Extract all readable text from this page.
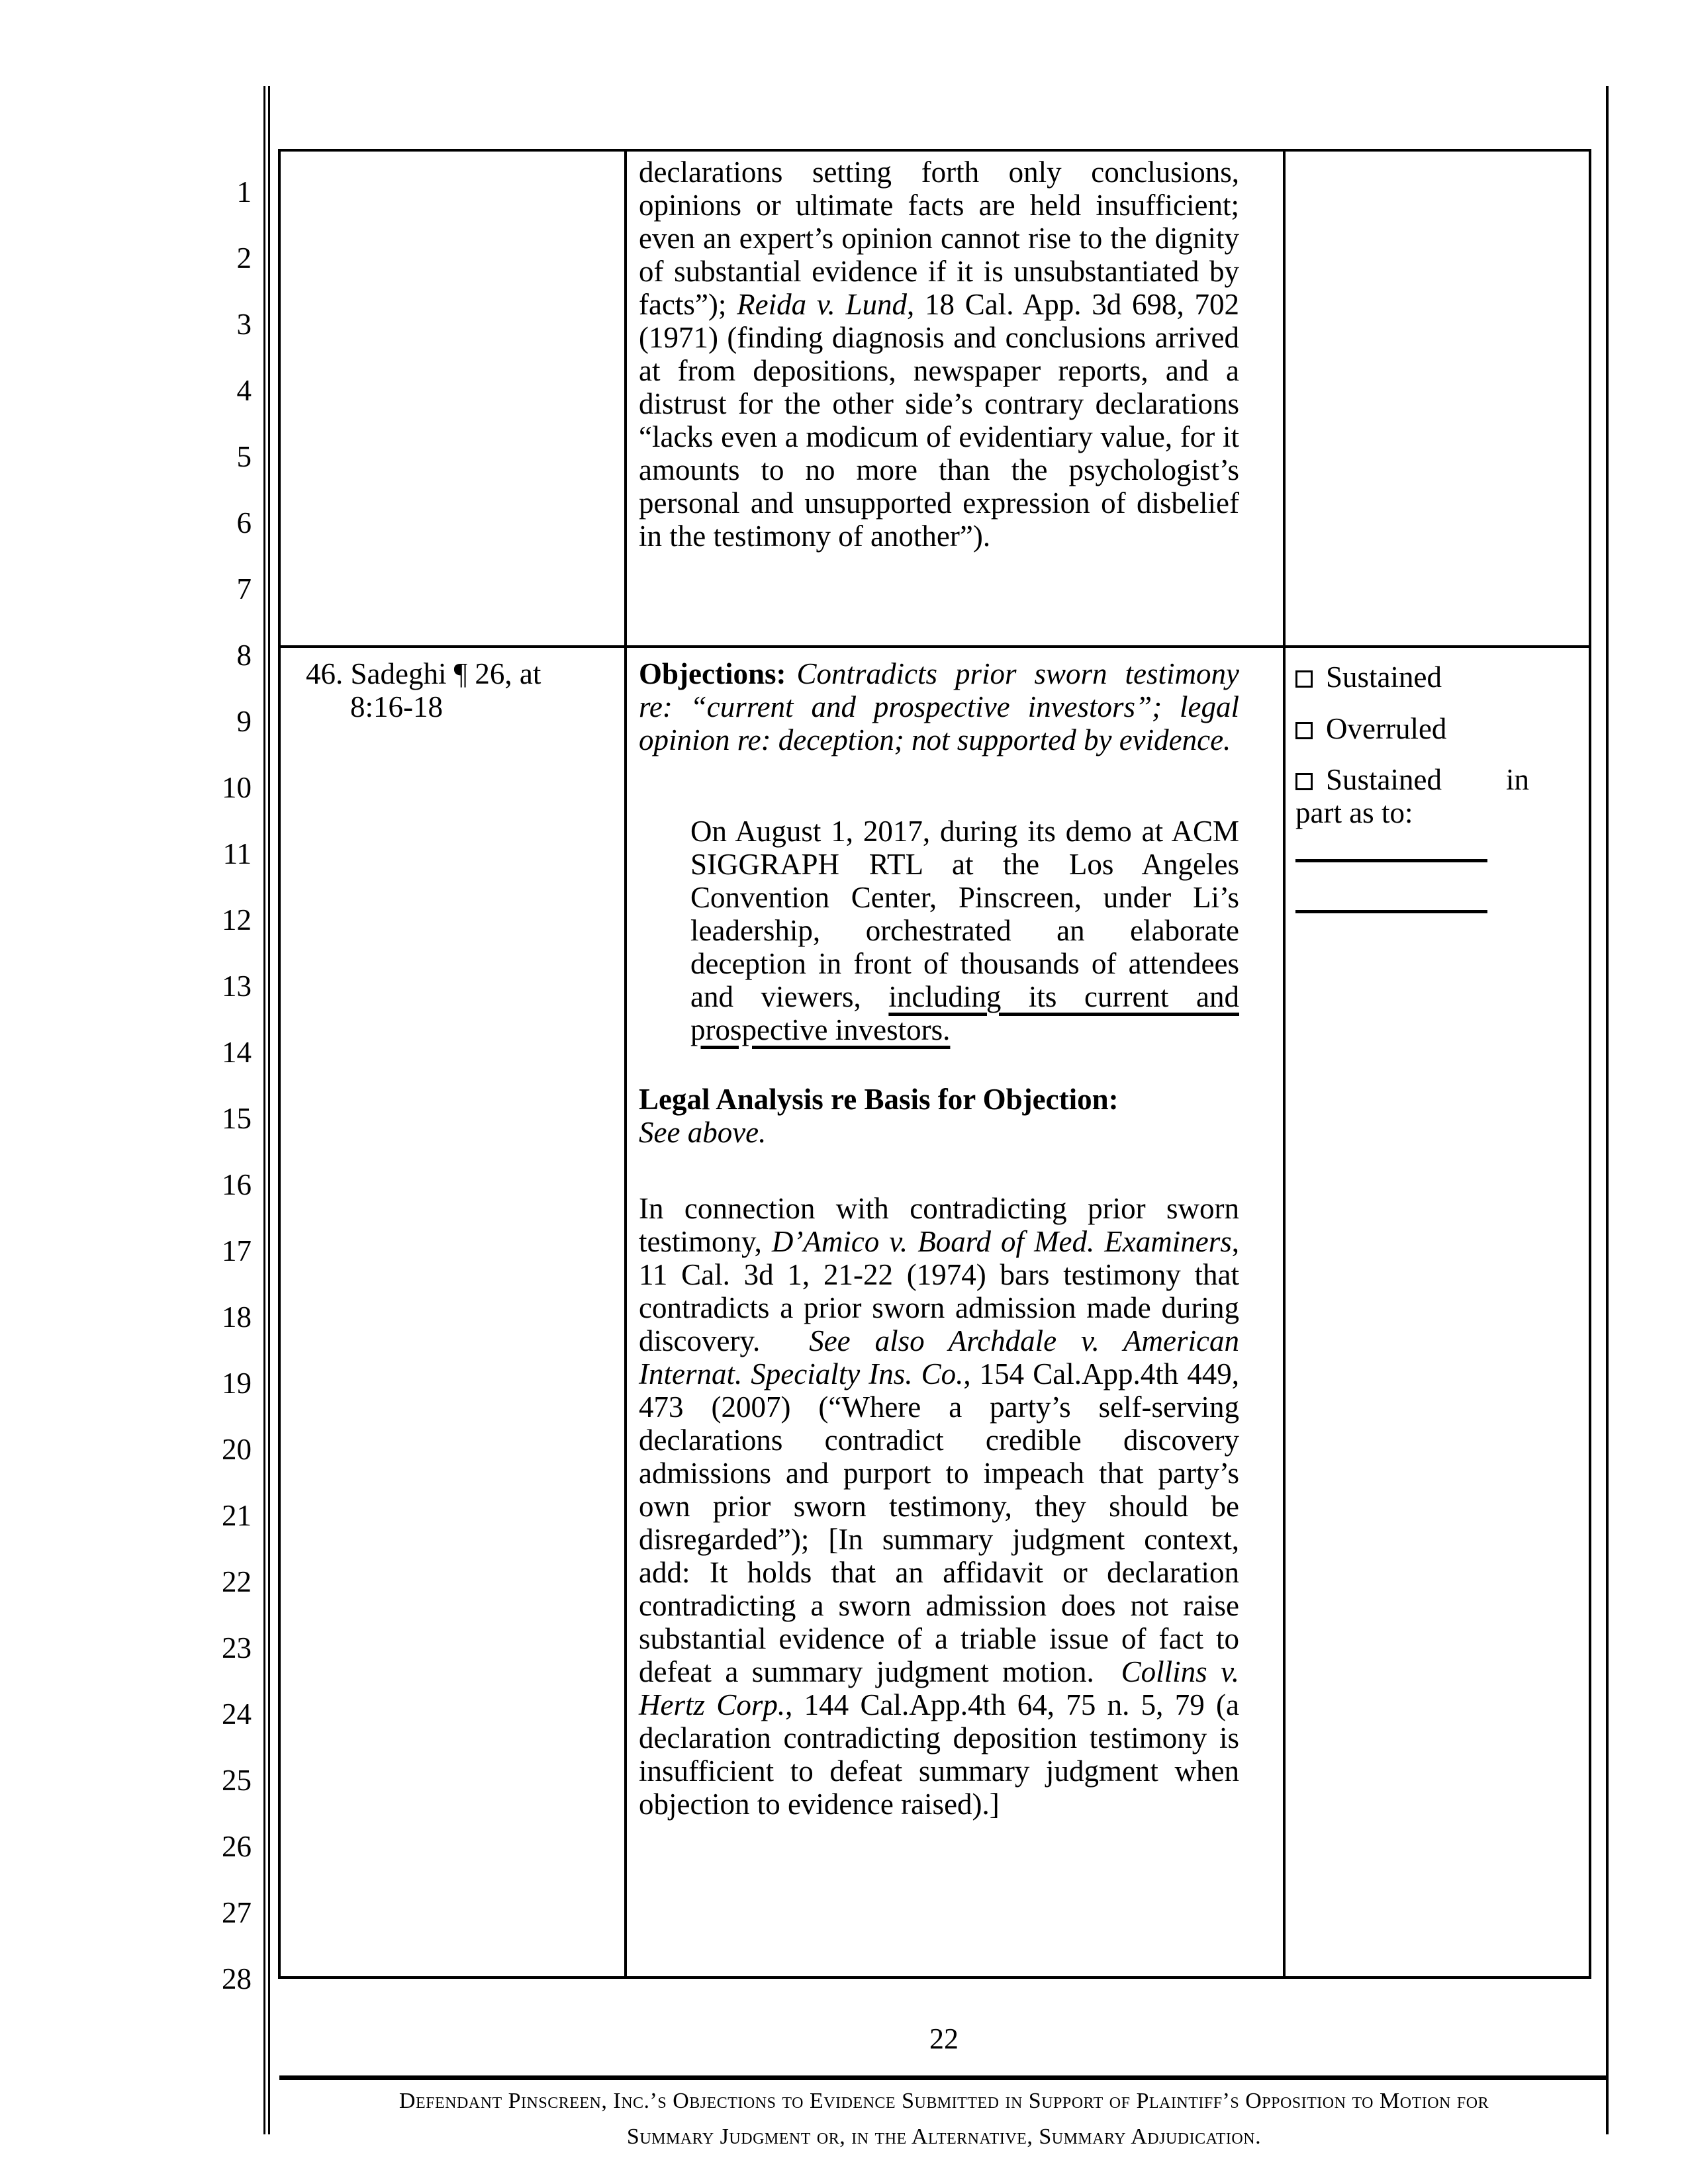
1
2
3
4
5
6
7
8
9
10
11
12
13
14
15
16
17
18
19
20
21
22
23
24
25
26
27
28

declarations setting forth only conclusions, opinions or ultimate facts are held insufficient; even an expert’s opinion cannot rise to the dignity of substantial evidence if it is unsubstantiated by facts”); Reida v. Lund, 18 Cal. App. 3d 698, 702 (1971) (finding diagnosis and conclusions arrived at from depositions, newspaper reports, and a distrust for the other side’s contrary declarations “lacks even a modicum of evidentiary value, for it amounts to no more than the psychologist’s personal and unsupported expression of disbelief in the testimony of another”).

46. Sadeghi ¶ 26, at
8:16-18

Objections: Contradicts prior sworn testimony re: “current and prospective investors”; legal opinion re: deception; not supported by evidence.

On August 1, 2017, during its demo at ACM SIGGRAPH RTL at the Los Angeles Convention Center, Pinscreen, under Li’s leadership, orchestrated an elaborate deception in front of thousands of attendees and viewers, including its current and prospective investors.

Legal Analysis re Basis for Objection:
See above.

In connection with contradicting prior sworn testimony, D’Amico v. Board of Med. Examiners, 11 Cal. 3d 1, 21-22 (1974) bars testimony that contradicts a prior sworn admission made during discovery.  See also Archdale v. American Internat. Specialty Ins. Co., 154 Cal.App.4th 449, 473 (2007) (“Where a party’s self-serving declarations contradict credible discovery admissions and purport to impeach that party’s own prior sworn testimony, they should be disregarded”); [In summary judgment context, add: It holds that an affidavit or declaration contradicting a sworn admission does not raise substantial evidence of a triable issue of fact to defeat a summary judgment motion.  Collins v. Hertz Corp., 144 Cal.App.4th 64, 75 n. 5, 79 (a declaration contradicting deposition testimony is insufficient to defeat summary judgment when objection to evidence raised).]

Sustained
Overruled
Sustained in
part as to:
22
Defendant Pinscreen, Inc.’s Objections to Evidence Submitted in Support of Plaintiff’s Opposition to Motion for
Summary Judgment or, in the Alternative, Summary Adjudication.
